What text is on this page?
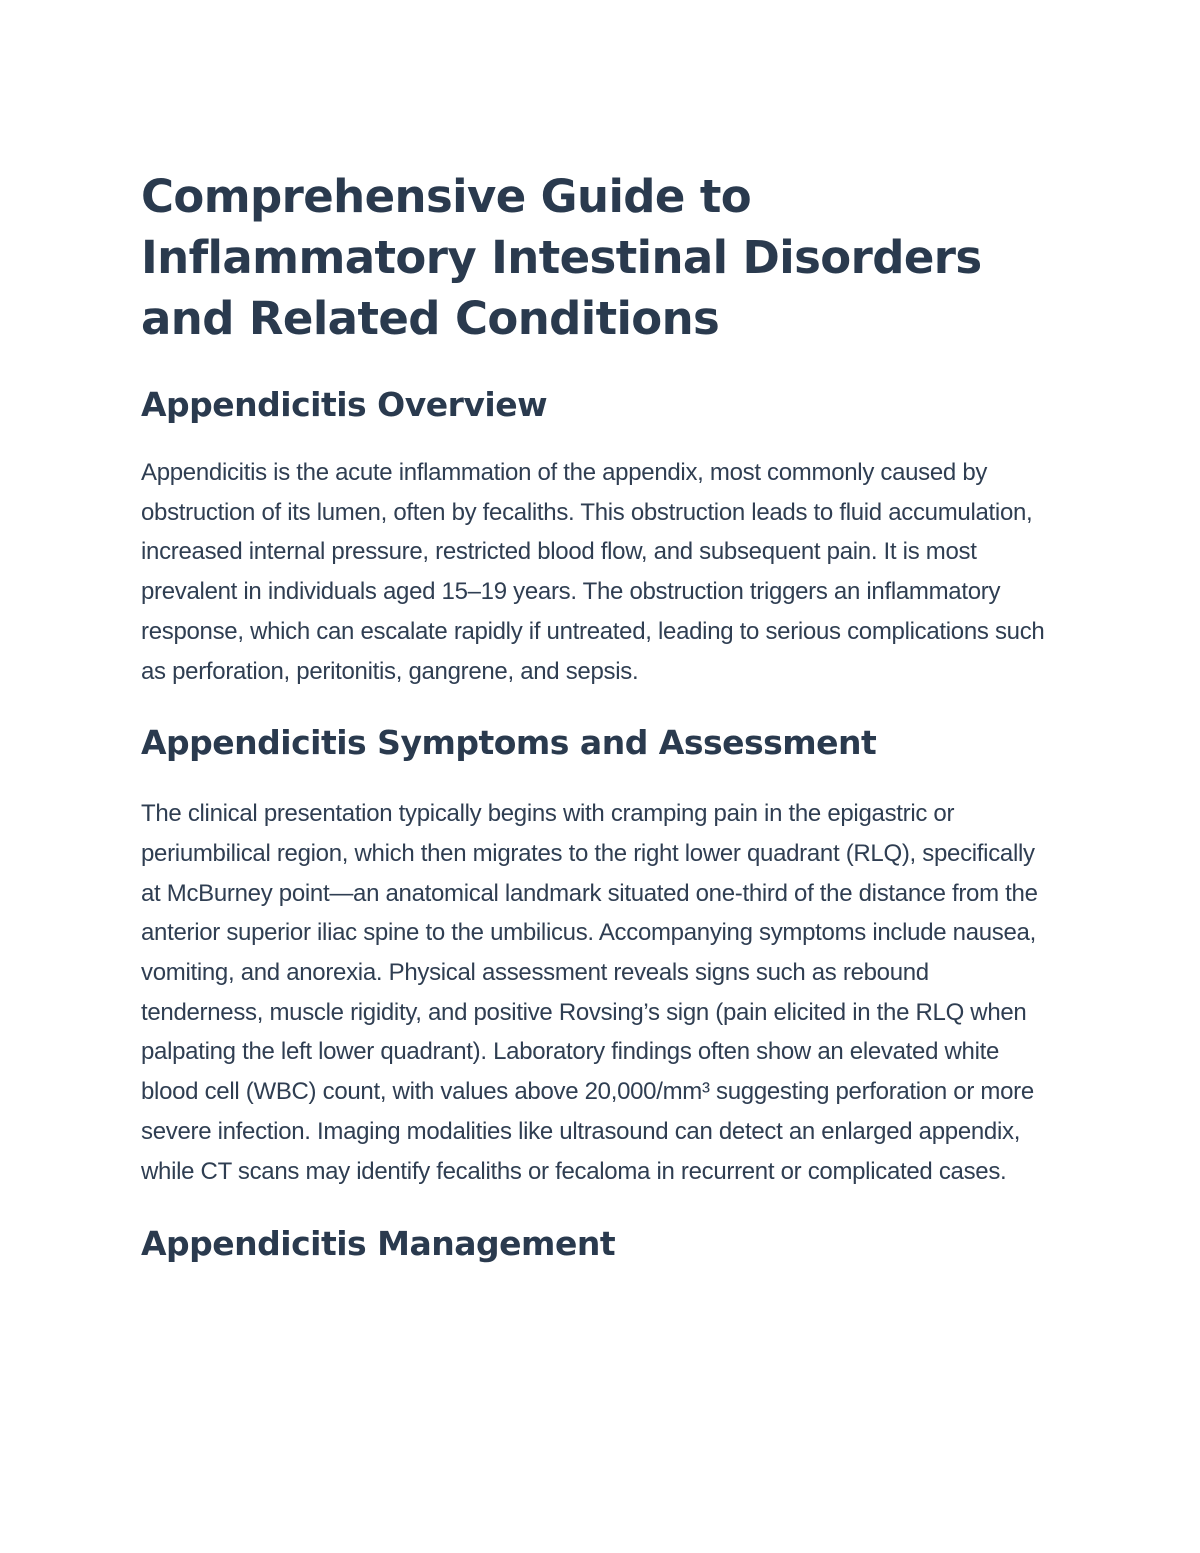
Comprehensive Guide to Inflammatory Intestinal Disorders and Related Conditions
Appendicitis Overview

Appendicitis is the acute inflammation of the appendix, most commonly caused by obstruction of its lumen, often by fecaliths. This obstruction leads to fluid accumulation, increased internal pressure, restricted blood flow, and subsequent pain. It is most prevalent in individuals aged 15–19 years. The obstruction triggers an inflammatory response, which can escalate rapidly if untreated, leading to serious complications such as perforation, peritonitis, gangrene, and sepsis.

Appendicitis Symptoms and Assessment

The clinical presentation typically begins with cramping pain in the epigastric or periumbilical region, which then migrates to the right lower quadrant (RLQ), specifically at McBurney point—an anatomical landmark situated one-third of the distance from the anterior superior iliac spine to the umbilicus. Accompanying symptoms include nausea, vomiting, and anorexia. Physical assessment reveals signs such as rebound tenderness, muscle rigidity, and positive Rovsing’s sign (pain elicited in the RLQ when palpating the left lower quadrant). Laboratory findings often show an elevated white blood cell (WBC) count, with values above 20,000/mm³ suggesting perforation or more severe infection. Imaging modalities like ultrasound can detect an enlarged appendix, while CT scans may identify fecaliths or fecaloma in recurrent or complicated cases.

Appendicitis Management
